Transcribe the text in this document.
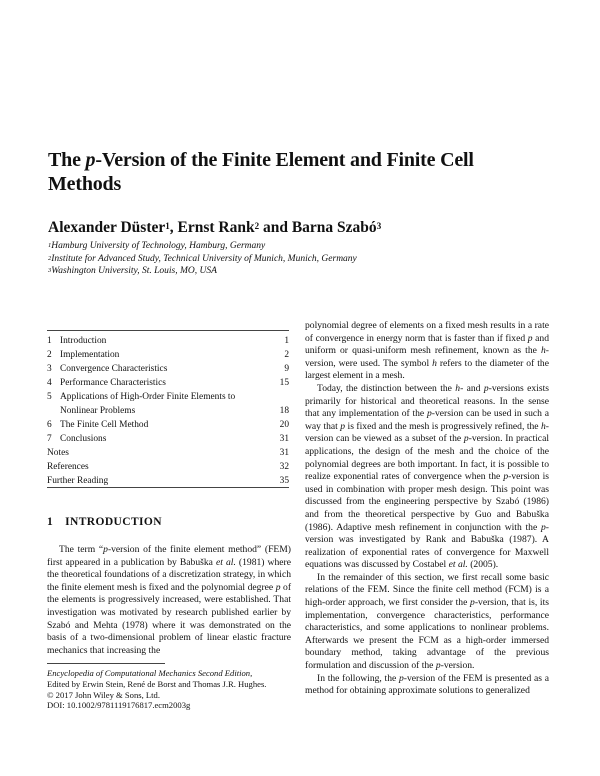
The p-Version of the Finite Element and Finite Cell Methods

Alexander Düster$^1$, Ernst Rank$^2$ and Barna Szabó$^3$

$^1$Hamburg University of Technology, Hamburg, Germany
$^2$Institute for Advanced Study, Technical University of Munich, Munich, Germany
$^3$Washington University, St. Louis, MO, USA
1 Introduction	1
2 Implementation	2
3 Convergence Characteristics	9
4 Performance Characteristics	15
5 Applications of High-Order Finite Elements to Nonlinear Problems	18
6 The Finite Cell Method	20
7 Conclusions	31
Notes	31
References	32
Further Reading	35
1 INTRODUCTION

The term “p-version of the finite element method” (FEM) first appeared in a publication by Babuška et al. (1981) where the theoretical foundations of a discretization strategy, in which the finite element mesh is fixed and the polynomial degree p of the elements is progressively increased, were established. That investigation was motivated by research published earlier by Szabó and Mehta (1978) where it was demonstrated on the basis of a two-dimensional problem of linear elastic fracture mechanics that increasing the

polynomial degree of elements on a fixed mesh results in a rate of convergence in energy norm that is faster than if fixed p and uniform or quasi-uniform mesh refinement, known as the h-version, were used. The symbol h refers to the diameter of the largest element in a mesh.

Today, the distinction between the h- and p-versions exists primarily for historical and theoretical reasons. In the sense that any implementation of the p-version can be used in such a way that p is fixed and the mesh is progressively refined, the h-version can be viewed as a subset of the p-version. In practical applications, the design of the mesh and the choice of the polynomial degrees are both important. In fact, it is possible to realize exponential rates of convergence when the p-version is used in combination with proper mesh design. This point was discussed from the engineering perspective by Szabó (1986) and from the theoretical perspective by Guo and Babuška (1986). Adaptive mesh refinement in conjunction with the p-version was investigated by Rank and Babuška (1987). A realization of exponential rates of convergence for Maxwell equations was discussed by Costabel et al. (2005).

In the remainder of this section, we first recall some basic relations of the FEM. Since the finite cell method (FCM) is a high-order approach, we first consider the p-version, that is, its implementation, convergence characteristics, performance characteristics, and some applications to nonlinear problems. Afterwards we present the FCM as a high-order immersed boundary method, taking advantage of the previous formulation and discussion of the p-version.

In the following, the p-version of the FEM is presented as a method for obtaining approximate solutions to generalized

Encyclopedia of Computational Mechanics Second Edition,
Edited by Erwin Stein, René de Borst and Thomas J.R. Hughes.
© 2017 John Wiley & Sons, Ltd.
DOI: 10.1002/9781119176817.ecm2003g
